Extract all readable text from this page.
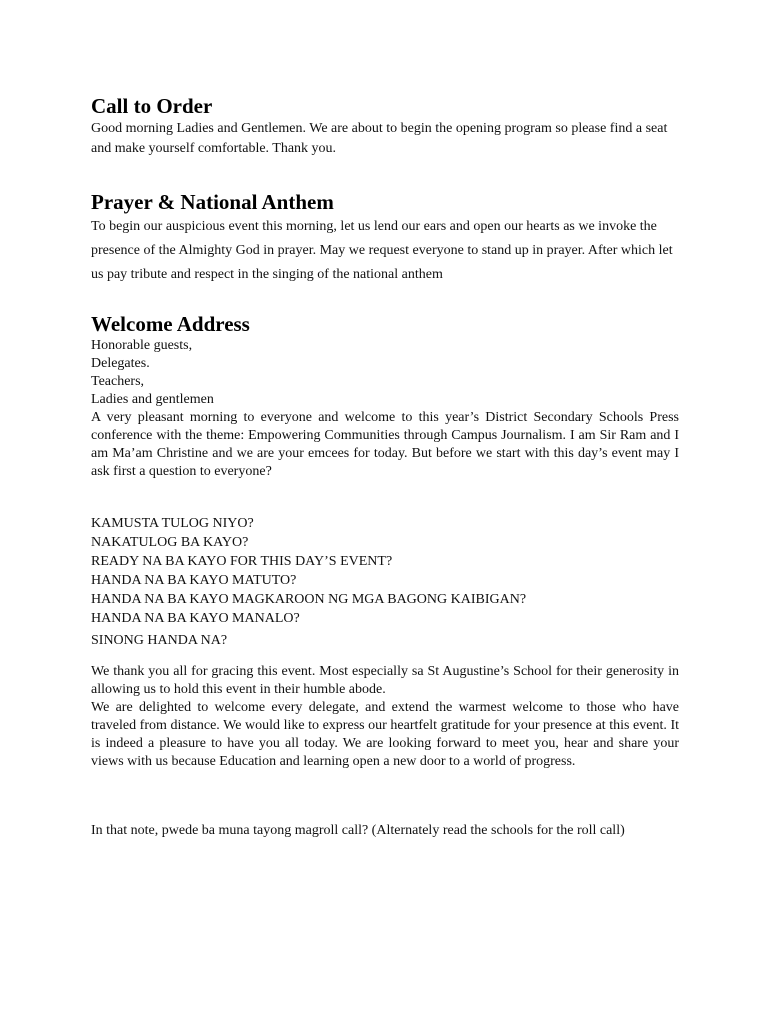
Call to Order

Good morning Ladies and Gentlemen. We are about to begin the opening program so please find a seat and make yourself comfortable. Thank you.

Prayer & National Anthem

To begin our auspicious event this morning, let us lend our ears and open our hearts as we invoke the presence of the Almighty God in prayer. May we request everyone to stand up in prayer. After which let us pay tribute and respect in the singing of the national anthem

Welcome Address
Honorable guests,
Delegates.
Teachers,
Ladies and gentlemen

A very pleasant morning to everyone and welcome to this year’s District Secondary Schools Press conference with the theme: Empowering Communities through Campus Journalism. I am Sir Ram and I am Ma’am Christine and we are your emcees for today. But before we start with this day’s event may I ask first a question to everyone?

KAMUSTA TULOG NIYO?
NAKATULOG BA KAYO?
READY NA BA KAYO FOR THIS DAY’S EVENT?
HANDA NA BA KAYO MATUTO?
HANDA NA BA KAYO MAGKAROON NG MGA BAGONG KAIBIGAN?
HANDA NA BA KAYO MANALO?
SINONG HANDA NA?

We thank you all for gracing this event. Most especially sa St Augustine’s School for their generosity in allowing us to hold this event in their humble abode.

We are delighted to welcome every delegate, and extend the warmest welcome to those who have traveled from distance. We would like to express our heartfelt gratitude for your presence at this event. It is indeed a pleasure to have you all today. We are looking forward to meet you, hear and share your views with us because Education and learning open a new door to a world of progress.

In that note, pwede ba muna tayong magroll call? (Alternately read the schools for the roll call)
